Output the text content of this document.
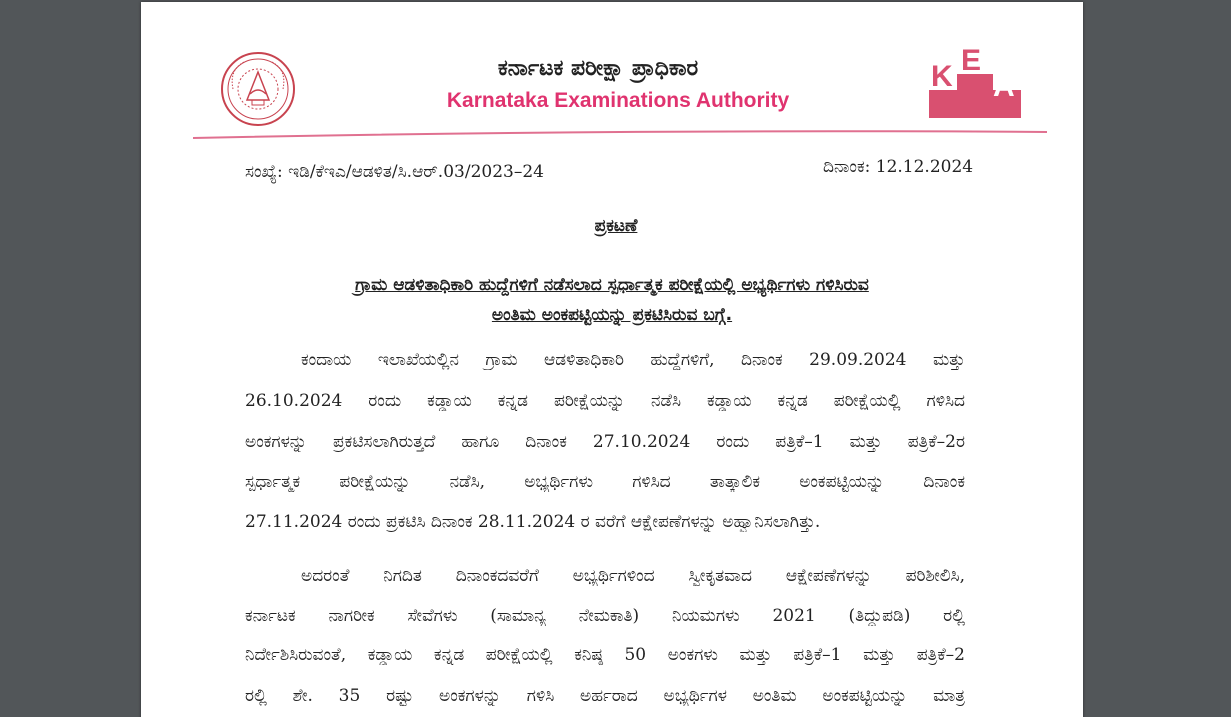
ಕರ್ನಾಟಕ ಪರೀಕ್ಷಾ ಪ್ರಾಧಿಕಾರ
Karnataka Examinations Authority
K E
A
ಸಂಖ್ಯೆ: ಇಡಿ/ಕೆಇಎ/ಆಡಳಿತ/ಸಿ.ಆರ್.03/2023–24	ದಿನಾಂಕ: 12.12.2024
ಪ್ರಕಟಣೆ
ಗ್ರಾಮ ಆಡಳಿತಾಧಿಕಾರಿ ಹುದ್ದೆಗಳಿಗೆ ನಡೆಸಲಾದ ಸ್ಪರ್ಧಾತ್ಮಕ ಪರೀಕ್ಷೆಯಲ್ಲಿ ಅಭ್ಯರ್ಥಿಗಳು ಗಳಿಸಿರುವ
ಅಂತಿಮ ಅಂಕಪಟ್ಟಿಯನ್ನು ಪ್ರಕಟಿಸಿರುವ ಬಗ್ಗೆ.
ಕಂದಾಯ ಇಲಾಖೆಯಲ್ಲಿನ ಗ್ರಾಮ ಆಡಳಿತಾಧಿಕಾರಿ ಹುದ್ದೆಗಳಿಗೆ, ದಿನಾಂಕ 29.09.2024 ಮತ್ತು
26.10.2024 ರಂದು ಕಡ್ಡಾಯ ಕನ್ನಡ ಪರೀಕ್ಷೆಯನ್ನು ನಡೆಸಿ ಕಡ್ಡಾಯ ಕನ್ನಡ ಪರೀಕ್ಷೆಯಲ್ಲಿ ಗಳಿಸಿದ
ಅಂಕಗಳನ್ನು ಪ್ರಕಟಿಸಲಾಗಿರುತ್ತದೆ ಹಾಗೂ ದಿನಾಂಕ 27.10.2024 ರಂದು ಪತ್ರಿಕೆ–1 ಮತ್ತು ಪತ್ರಿಕೆ–2ರ
ಸ್ಪರ್ಧಾತ್ಮಕ ಪರೀಕ್ಷೆಯನ್ನು ನಡೆಸಿ, ಅಭ್ಯರ್ಥಿಗಳು ಗಳಿಸಿದ ತಾತ್ಕಾಲಿಕ ಅಂಕಪಟ್ಟಿಯನ್ನು ದಿನಾಂಕ
27.11.2024 ರಂದು ಪ್ರಕಟಿಸಿ ದಿನಾಂಕ 28.11.2024 ರ ವರೆಗೆ ಆಕ್ಷೇಪಣೆಗಳನ್ನು ಅಹ್ವಾನಿಸಲಾಗಿತ್ತು.
ಅದರಂತೆ ನಿಗದಿತ ದಿನಾಂಕದವರೆಗೆ ಅಭ್ಯರ್ಥಿಗಳಿಂದ ಸ್ವೀಕೃತವಾದ ಆಕ್ಷೇಪಣೆಗಳನ್ನು ಪರಿಶೀಲಿಸಿ,
ಕರ್ನಾಟಕ ನಾಗರೀಕ ಸೇವೆಗಳು (ಸಾಮಾನ್ಯ ನೇಮಕಾತಿ) ನಿಯಮಗಳು 2021 (ತಿದ್ದುಪಡಿ) ರಲ್ಲಿ
ನಿರ್ದೇಶಿಸಿರುವಂತೆ, ಕಡ್ಡಾಯ ಕನ್ನಡ ಪರೀಕ್ಷೆಯಲ್ಲಿ ಕನಿಷ್ಠ 50 ಅಂಕಗಳು ಮತ್ತು ಪತ್ರಿಕೆ–1 ಮತ್ತು ಪತ್ರಿಕೆ–2
ರಲ್ಲಿ ಶೇ. 35 ರಷ್ಟು ಅಂಕಗಳನ್ನು ಗಳಿಸಿ ಅರ್ಹರಾದ ಅಭ್ಯರ್ಥಿಗಳ ಅಂತಿಮ ಅಂಕಪಟ್ಟಿಯನ್ನು ಮಾತ್ರ
